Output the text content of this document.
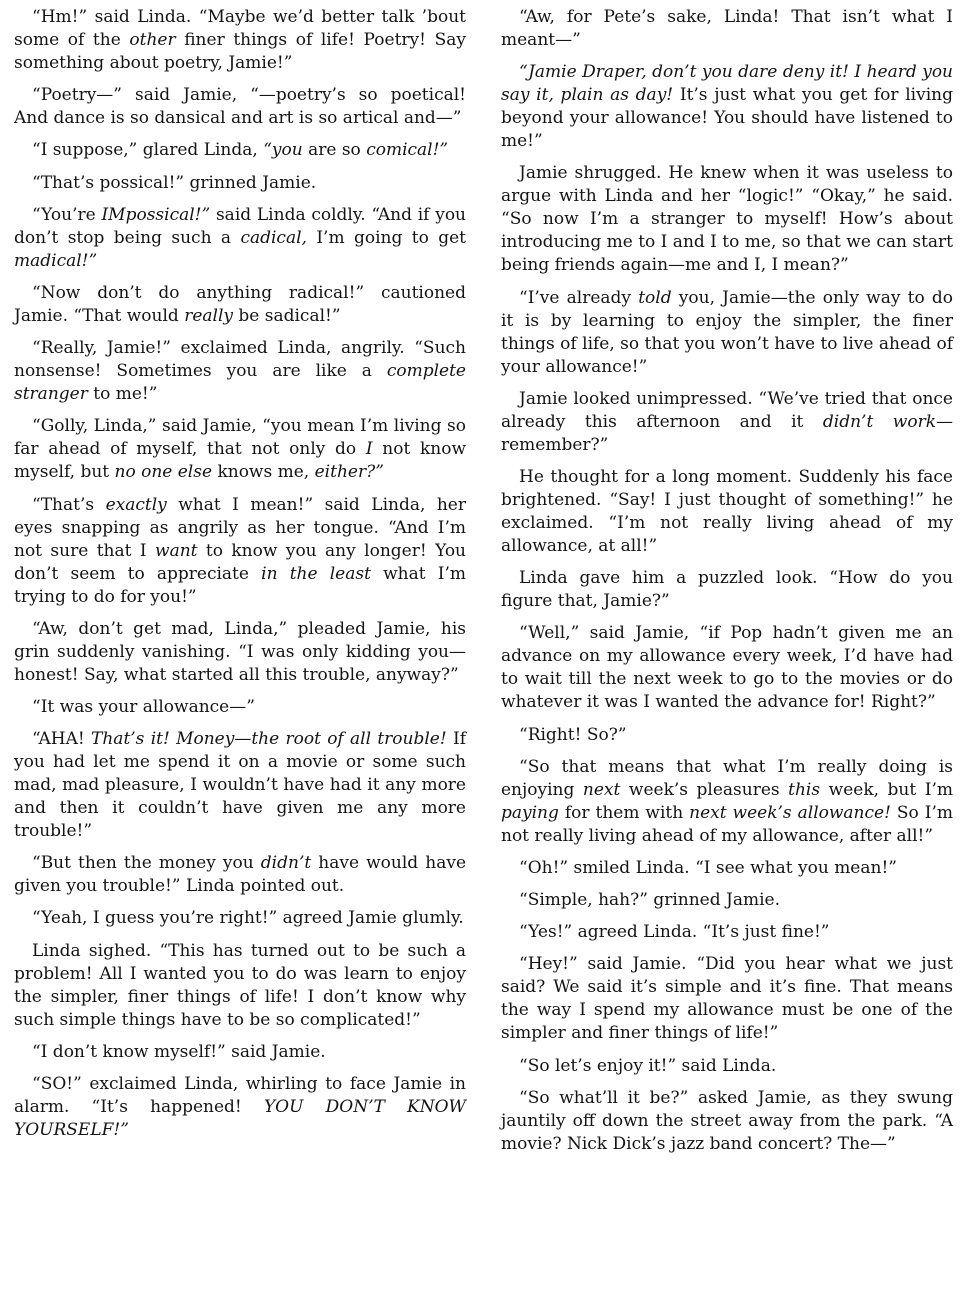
“Hm!” said Linda. “Maybe we’d better talk ’bout some of the other finer things of life! Poetry! Say something about poetry, Jamie!”

“Poetry—” said Jamie, “—poetry’s so poetical! And dance is so dansical and art is so artical and—”

“I suppose,” glared Linda, “you are so comical!”

“That’s possical!” grinned Jamie.

“You’re IMpossical!” said Linda coldly. “And if you don’t stop being such a cadical, I’m going to get madical!”

“Now don’t do anything radical!” cautioned Jamie. “That would really be sadical!”

“Really, Jamie!” exclaimed Linda, angrily. “Such nonsense! Sometimes you are like a complete stranger to me!”

“Golly, Linda,” said Jamie, “you mean I’m living so far ahead of myself, that not only do I not know myself, but no one else knows me, either?”

“That’s exactly what I mean!” said Linda, her eyes snapping as angrily as her tongue. “And I’m not sure that I want to know you any longer! You don’t seem to appreciate in the least what I’m trying to do for you!”

“Aw, don’t get mad, Linda,” pleaded Jamie, his grin suddenly vanishing. “I was only kidding you—honest! Say, what started all this trouble, anyway?”

“It was your allowance—”

“AHA! That’s it! Money—the root of all trouble! If you had let me spend it on a movie or some such mad, mad pleasure, I wouldn’t have had it any more and then it couldn’t have given me any more trouble!”

“But then the money you didn’t have would have given you trouble!” Linda pointed out.

“Yeah, I guess you’re right!” agreed Jamie glumly.

Linda sighed. “This has turned out to be such a problem! All I wanted you to do was learn to enjoy the simpler, finer things of life! I don’t know why such simple things have to be so complicated!”

“I don’t know myself!” said Jamie.

“SO!” exclaimed Linda, whirling to face Jamie in alarm. “It’s happened! YOU DON’T KNOW YOURSELF!”

“Aw, for Pete’s sake, Linda! That isn’t what I meant—”

“Jamie Draper, don’t you dare deny it! I heard you say it, plain as day! It’s just what you get for living beyond your allowance! You should have listened to me!”

Jamie shrugged. He knew when it was useless to argue with Linda and her “logic!” “Okay,” he said. “So now I’m a stranger to myself! How’s about introducing me to I and I to me, so that we can start being friends again—me and I, I mean?”

“I’ve already told you, Jamie—the only way to do it is by learning to enjoy the simpler, the finer things of life, so that you won’t have to live ahead of your allowance!”

Jamie looked unimpressed. “We’ve tried that once already this afternoon and it didn’t work—remember?”

He thought for a long moment. Suddenly his face brightened. “Say! I just thought of something!” he exclaimed. “I’m not really living ahead of my allowance, at all!”

Linda gave him a puzzled look. “How do you figure that, Jamie?”

“Well,” said Jamie, “if Pop hadn’t given me an advance on my allowance every week, I’d have had to wait till the next week to go to the movies or do whatever it was I wanted the advance for! Right?”

“Right! So?”

“So that means that what I’m really doing is enjoying next week’s pleasures this week, but I’m paying for them with next week’s allowance! So I’m not really living ahead of my allowance, after all!”

“Oh!” smiled Linda. “I see what you mean!”

“Simple, hah?” grinned Jamie.

“Yes!” agreed Linda. “It’s just fine!”

“Hey!” said Jamie. “Did you hear what we just said? We said it’s simple and it’s fine. That means the way I spend my allowance must be one of the simpler and finer things of life!”

“So let’s enjoy it!” said Linda.

“So what’ll it be?” asked Jamie, as they swung jauntily off down the street away from the park. “A movie? Nick Dick’s jazz band concert? The—”
